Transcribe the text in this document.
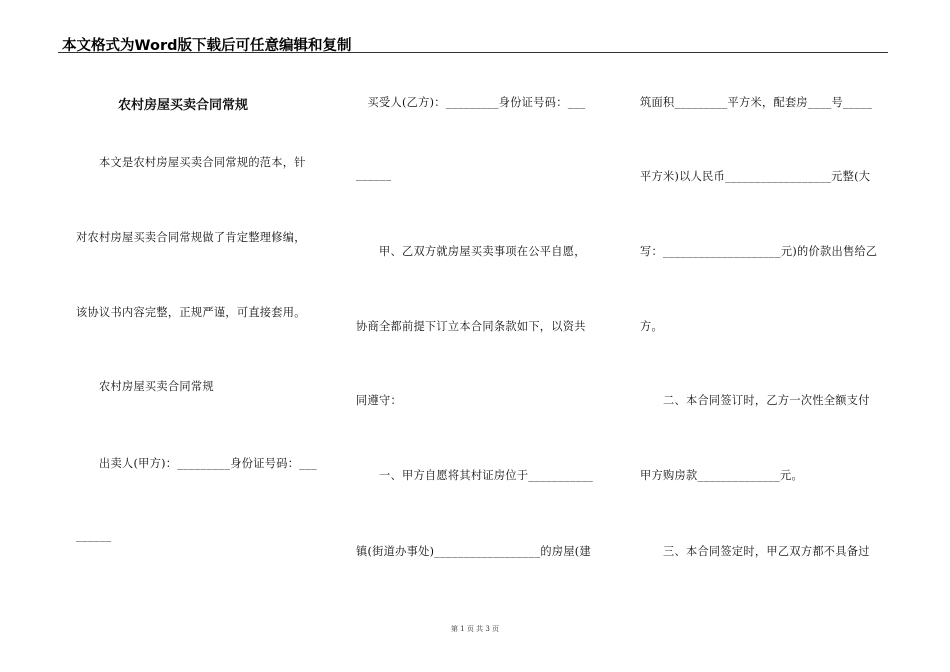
本文格式为Word版下载后可任意编辑和复制
农村房屋买卖合同常规
　　本文是农村房屋买卖合同常规的范本，针
对农村房屋买卖合同常规做了肯定整理修编，
该协议书内容完整，正规严谨，可直接套用。
　　农村房屋买卖合同常规
　　出卖人(甲方)：_________身份证号码：___
______
　买受人(乙方)：_________身份证号码：___
______
　　甲、乙双方就房屋买卖事项在公平自愿，
协商全都前提下订立本合同条款如下，以资共
同遵守：
　　一、甲方自愿将其村证房位于___________
镇(街道办事处)__________________的房屋(建
筑面积_________平方米，配套房____号_____
平方米)以人民币__________________元整(大
写：____________________元)的价款出售给乙
方。
　　二、本合同签订时，乙方一次性全额支付
甲方购房款______________元。
　　三、本合同签定时，甲乙双方都不具备过
第 1 页 共 3 页
